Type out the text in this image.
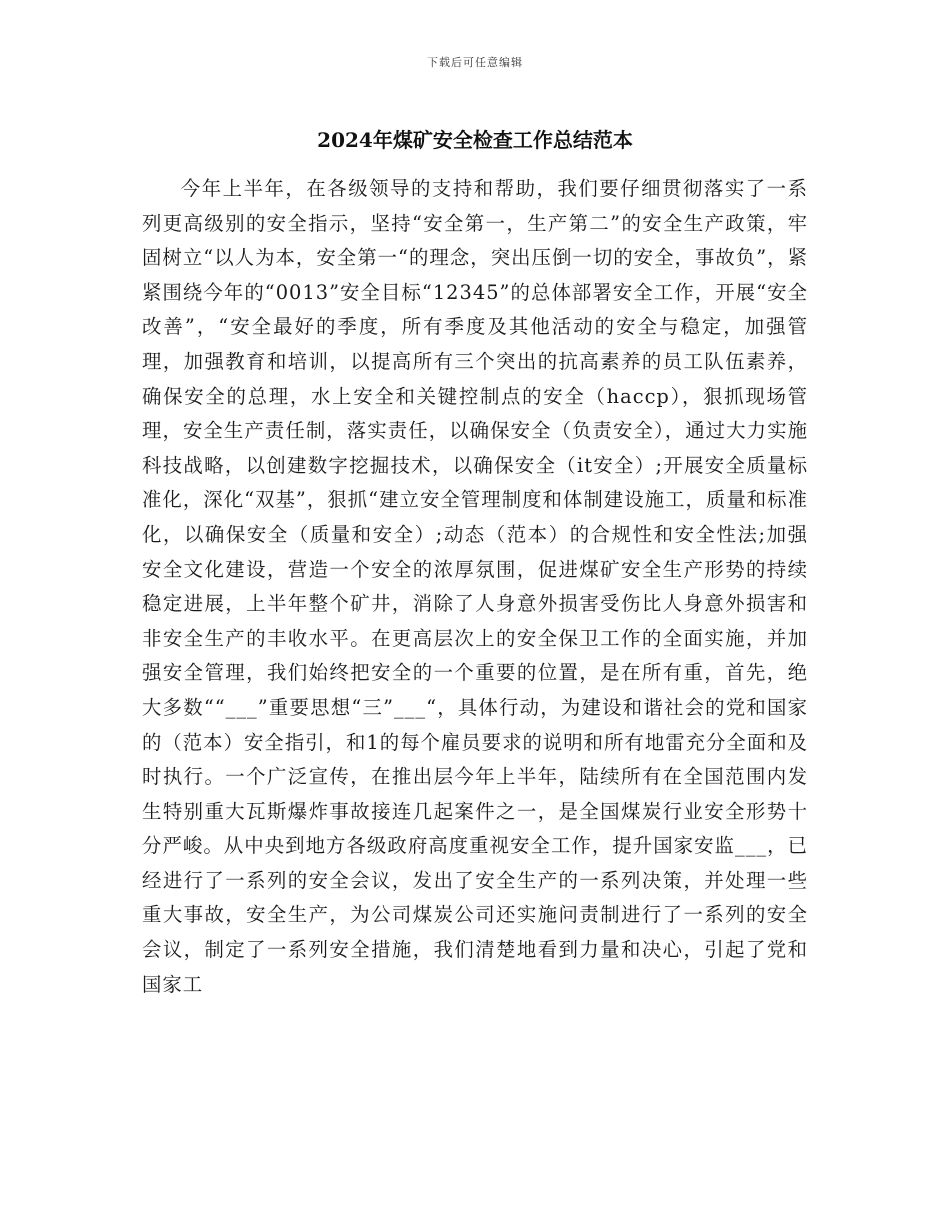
下载后可任意编辑
2024年煤矿安全检查工作总结范本

今年上半年，在各级领导的支持和帮助，我们要仔细贯彻落实了一系列更高级别的安全指示，坚持“安全第一，生产第二”的安全生产政策，牢固树立“以人为本，安全第一“的理念，突出压倒一切的安全，事故负”，紧紧围绕今年的“0013”安全目标“12345”的总体部署安全工作，开展“安全改善”，“安全最好的季度，所有季度及其他活动的安全与稳定，加强管理，加强教育和培训，以提高所有三个突出的抗高素养的员工队伍素养，确保安全的总理，水上安全和关键控制点的安全（haccp），狠抓现场管理，安全生产责任制，落实责任，以确保安全（负责安全），通过大力实施科技战略，以创建数字挖掘技术，以确保安全（it安全）;开展安全质量标准化，深化“双基”，狠抓“建立安全管理制度和体制建设施工，质量和标准化，以确保安全（质量和安全）;动态（范本）的合规性和安全性法;加强安全文化建设，营造一个安全的浓厚氛围，促进煤矿安全生产形势的持续稳定进展，上半年整个矿井，消除了人身意外损害受伤比人身意外损害和非安全生产的丰收水平。在更高层次上的安全保卫工作的全面实施，并加强安全管理，我们始终把安全的一个重要的位置，是在所有重，首先，绝大多数““___”重要思想“三”___“，具体行动，为建设和谐社会的党和国家的（范本）安全指引，和1的每个雇员要求的说明和所有地雷充分全面和及时执行。一个广泛宣传，在推出层今年上半年，陆续所有在全国范围内发生特别重大瓦斯爆炸事故接连几起案件之一，是全国煤炭行业安全形势十分严峻。从中央到地方各级政府高度重视安全工作，提升国家安监___，已经进行了一系列的安全会议，发出了安全生产的一系列决策，并处理一些重大事故，安全生产，为公司煤炭公司还实施问责制进行了一系列的安全会议，制定了一系列安全措施，我们清楚地看到力量和决心，引起了党和国家工
